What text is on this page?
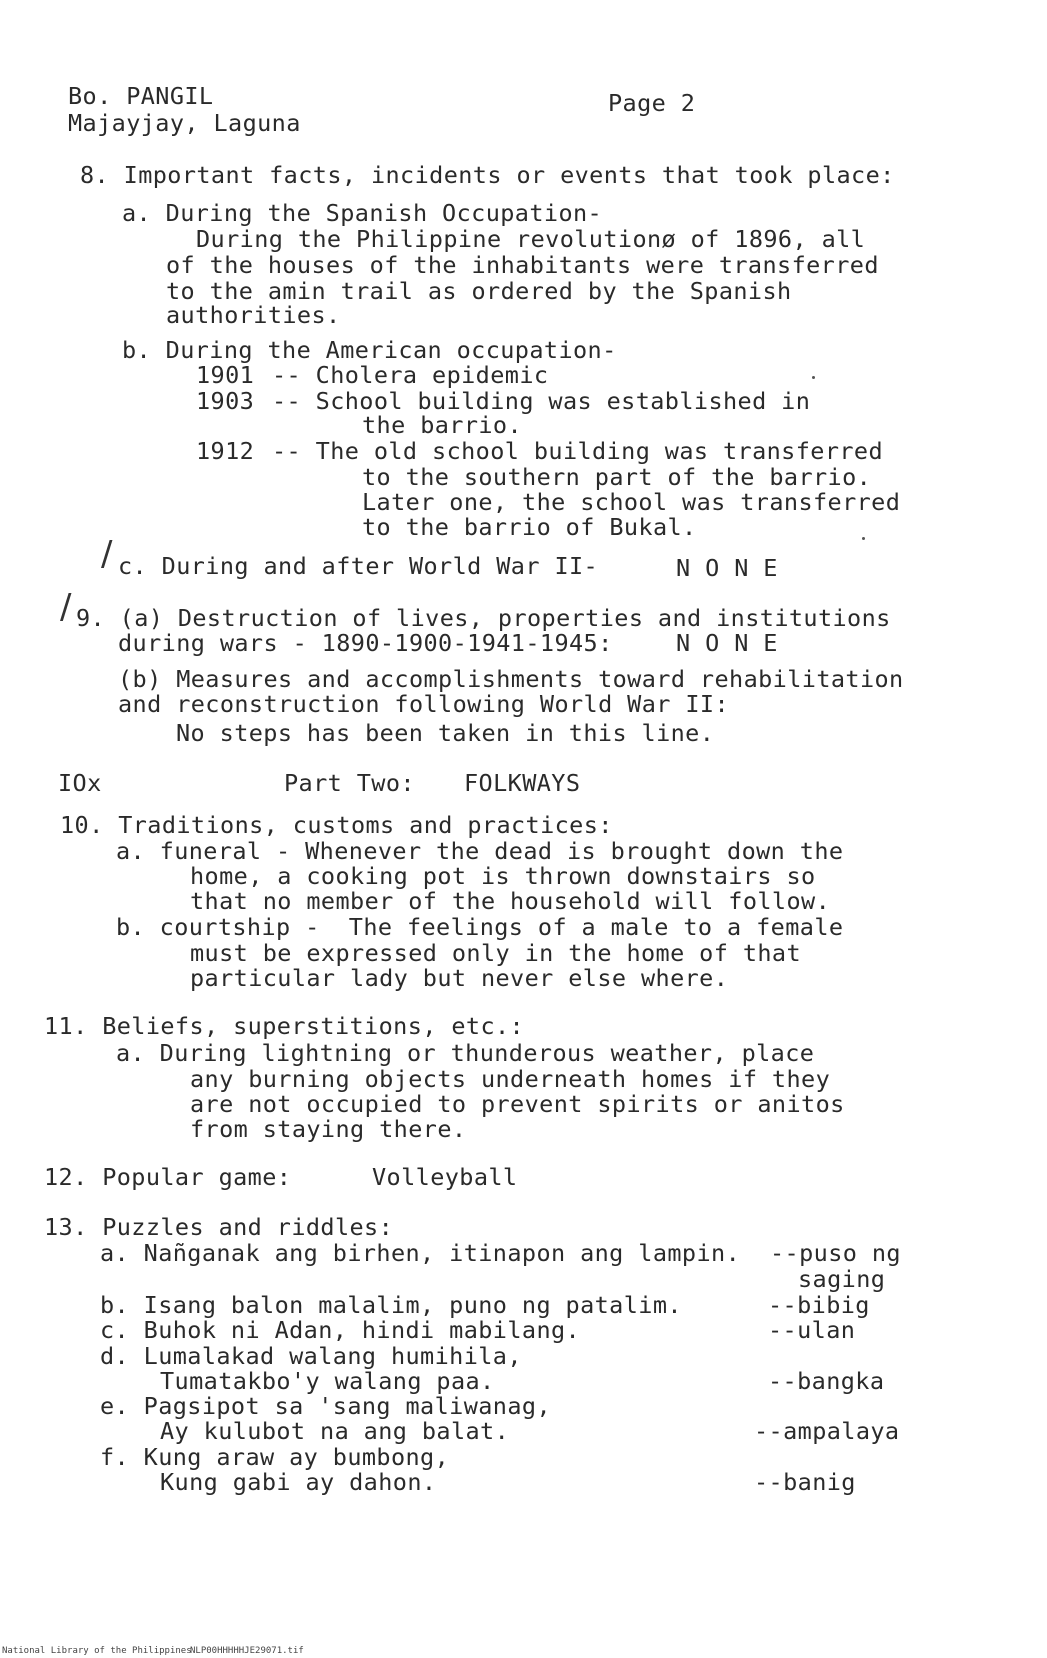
Bo. PANGIL
Majayjay, Laguna
Page 2
8. Important facts, incidents or events that took place:
a. During the Spanish Occupation-
During the Philippine revolutionø of 1896, all
of the houses of the inhabitants were transferred
to the amin trail as ordered by the Spanish
authorities.
b. During the American occupation-
1901 -- Cholera epidemic
1903 -- School building was established in
the barrio.
1912 -- The old school building was transferred
to the southern part of the barrio.
Later one, the school was transferred
to the barrio of Bukal.
/ c. During and after World War II-	N O N E
/ 9. (a) Destruction of lives, properties and institutions
during wars - 1890-1900-1941-1945:	N O N E
(b) Measures and accomplishments toward rehabilitation
and reconstruction following World War II:
No steps has been taken in this line.
IOx	Part Two: FOLKWAYS
10. Traditions, customs and practices:
a. funeral - Whenever the dead is brought down the
home, a cooking pot is thrown downstairs so
that no member of the household will follow.
b. courtship -  The feelings of a male to a female
must be expressed only in the home of that
particular lady but never else where.
11. Beliefs, superstitions, etc.:
a. During lightning or thunderous weather, place
any burning objects underneath homes if they
are not occupied to prevent spirits or anitos
from staying there.
12. Popular game:	Volleyball
13. Puzzles and riddles:
a. Nañganak ang birhen, itinapon ang lampin. --puso ng
saging
b. Isang balon malalim, puno ng patalim.	--bibig
c. Buhok ni Adan, hindi mabilang.	--ulan
d. Lumalakad walang humihila,
Tumatakbo'y walang paa.	--bangka
e. Pagsipot sa 'sang maliwanag,
Ay kulubot na ang balat.	--ampalaya
f. Kung araw ay bumbong,
Kung gabi ay dahon.	--banig
National Library of the Philippines
NLP00HHHHHJE29071.tif
